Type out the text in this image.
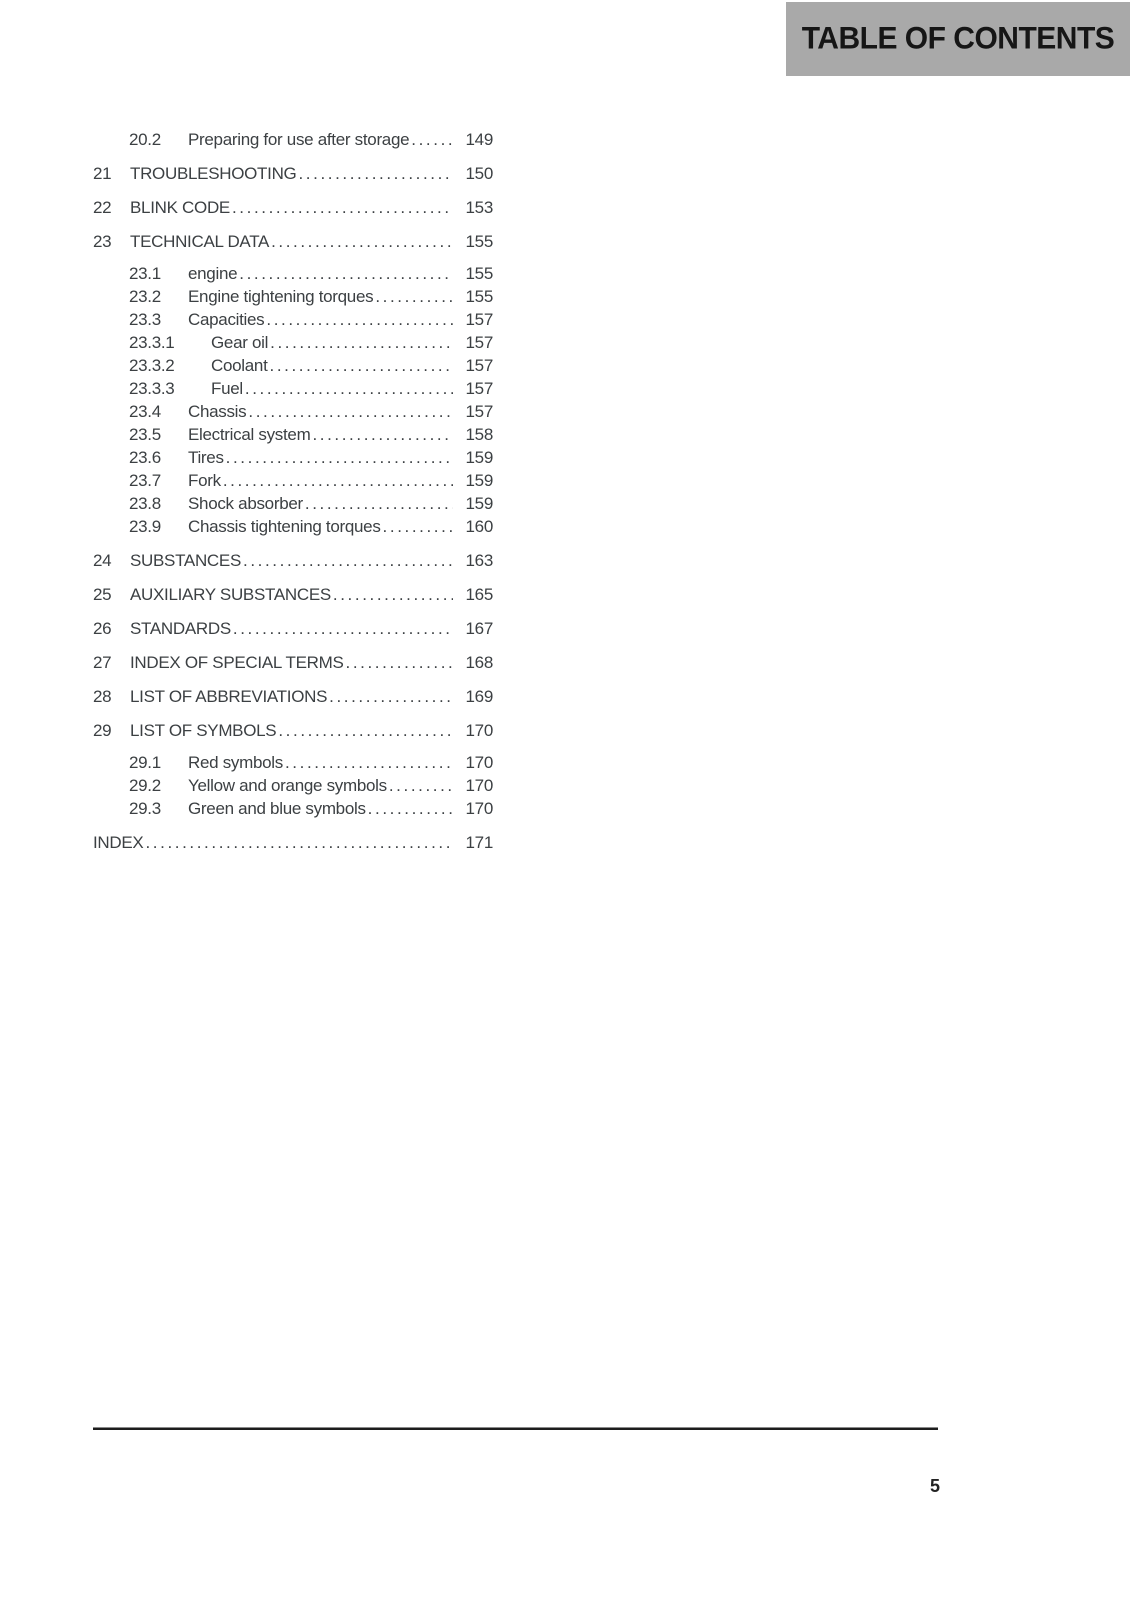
TABLE OF CONTENTS
20.2	Preparing for use after storage .....	149
21	TROUBLESHOOTING .....	150
22	BLINK CODE .....	153
23	TECHNICAL DATA .....	155
23.1	engine .....	155
23.2	Engine tightening torques .....	155
23.3	Capacities .....	157
23.3.1	Gear oil .....	157
23.3.2	Coolant .....	157
23.3.3	Fuel .....	157
23.4	Chassis .....	157
23.5	Electrical system .....	158
23.6	Tires .....	159
23.7	Fork .....	159
23.8	Shock absorber .....	159
23.9	Chassis tightening torques .....	160
24	SUBSTANCES .....	163
25	AUXILIARY SUBSTANCES .....	165
26	STANDARDS .....	167
27	INDEX OF SPECIAL TERMS .....	168
28	LIST OF ABBREVIATIONS .....	169
29	LIST OF SYMBOLS .....	170
29.1	Red symbols .....	170
29.2	Yellow and orange symbols .....	170
29.3	Green and blue symbols .....	170
INDEX .....	171
5
